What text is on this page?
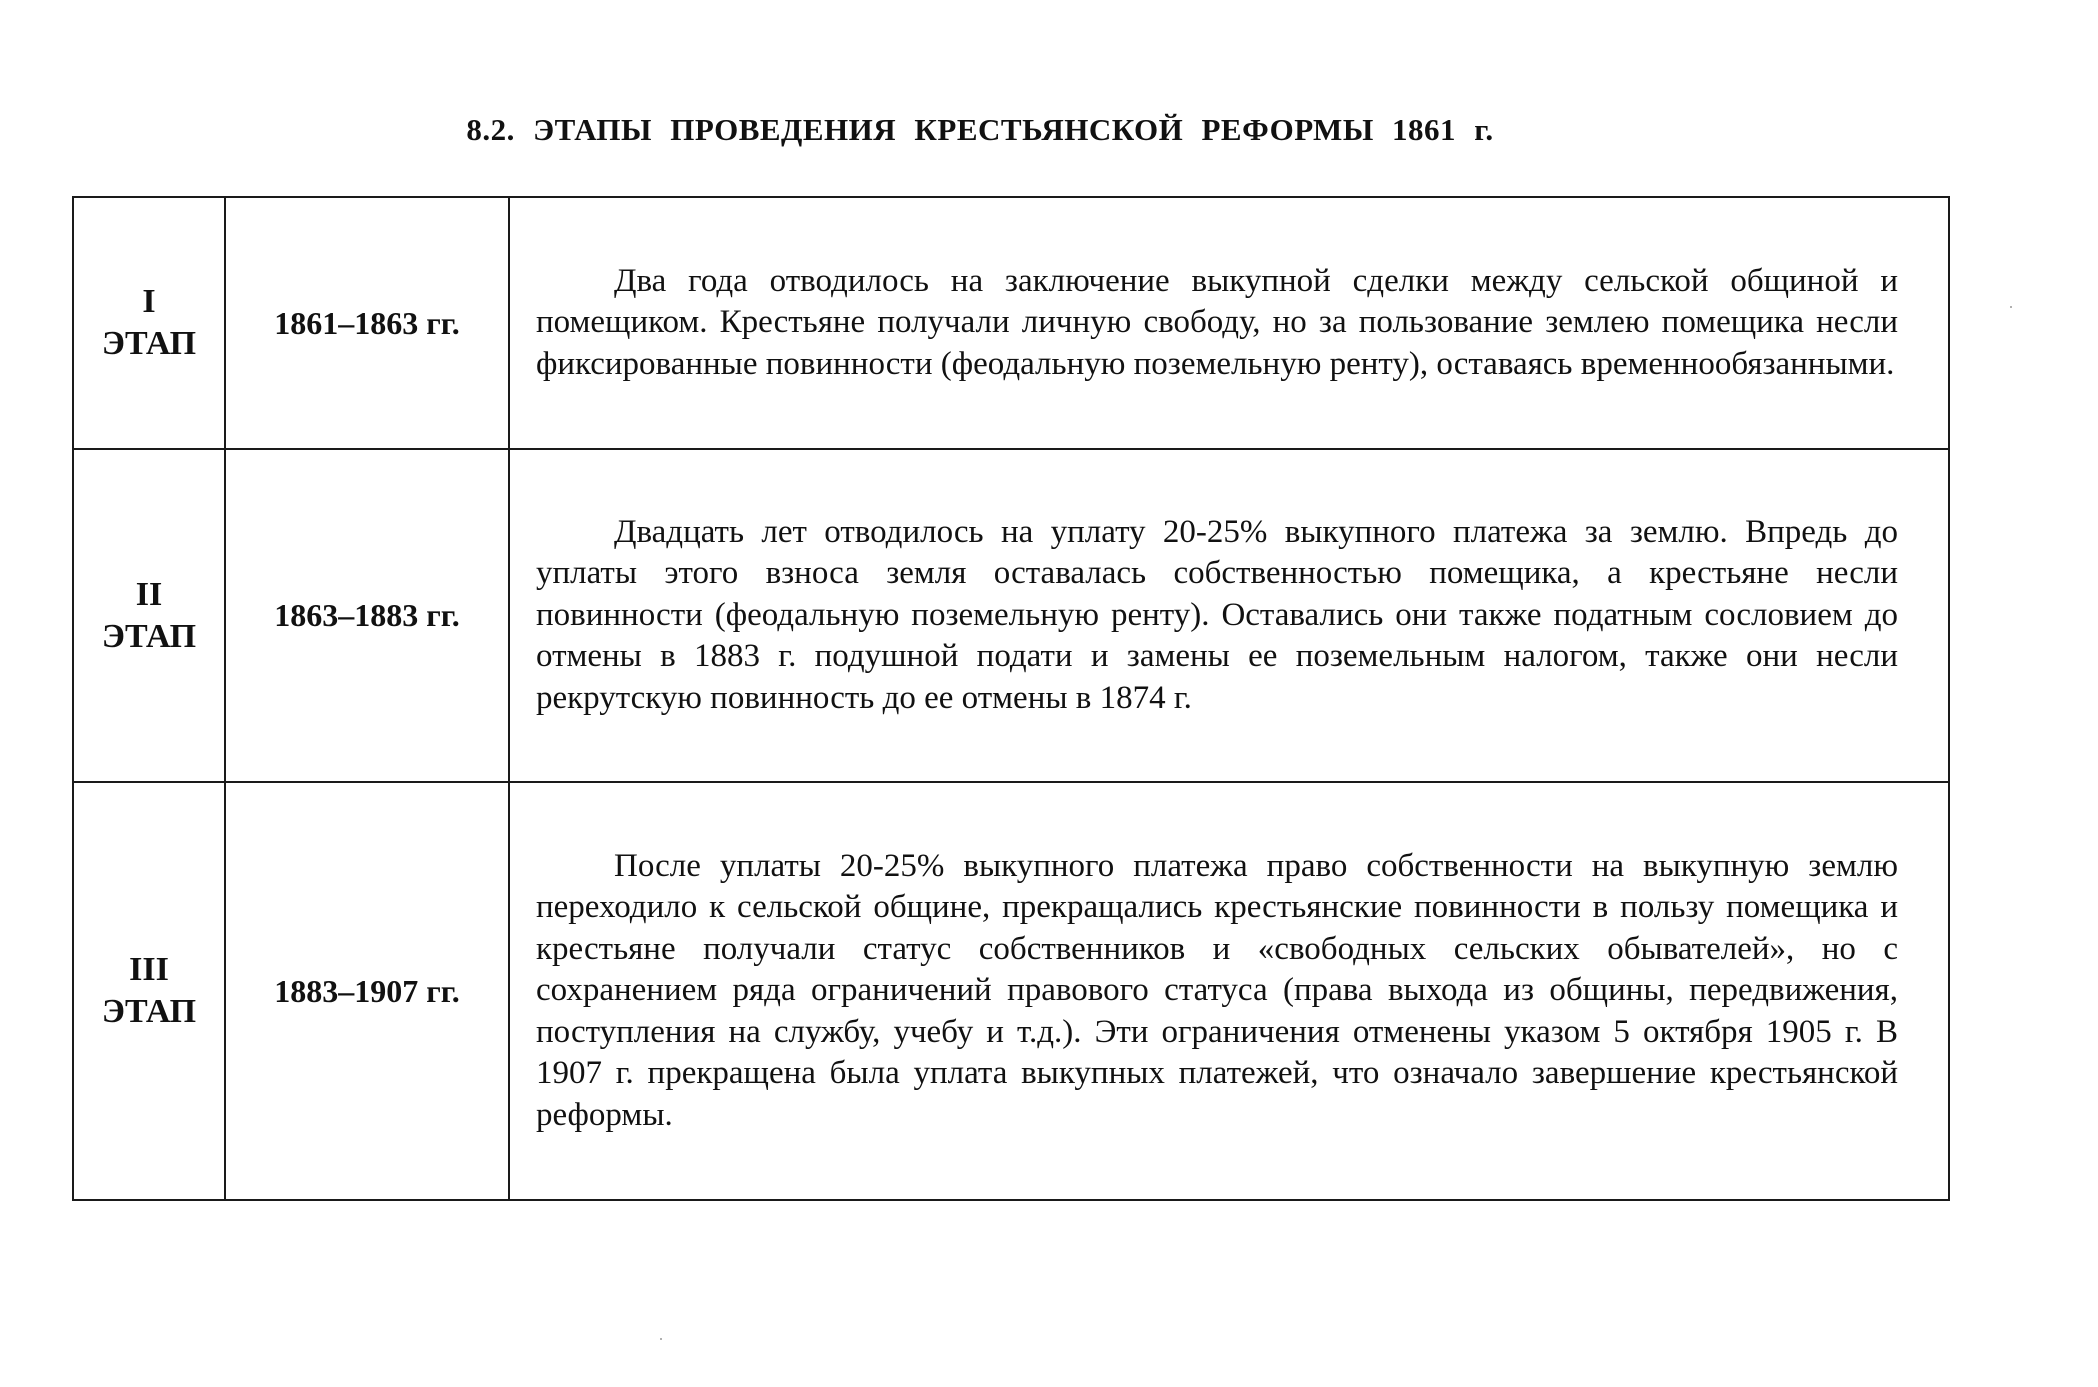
8.2. ЭТАПЫ ПРОВЕДЕНИЯ КРЕСТЬЯНСКОЙ РЕФОРМЫ 1861 г.
I
ЭТАП	1861–1863 гг.	Два года отводилось на заключение выкупной сделки между сельской общиной и помещиком. Крестьяне получали личную свободу, но за пользование землею помещика несли фиксированные повинности (феодальную поземельную ренту), оставаясь временнообязанными.

II
ЭТАП	1863–1883 гг.	Двадцать лет отводилось на уплату 20-25% выкупного платежа за землю. Впредь до уплаты этого взноса земля оставалась собственностью помещика, а крестьяне несли повинности (феодальную поземельную ренту). Оставались они также податным сословием до отмены в 1883 г. подушной подати и замены ее поземельным налогом, также они несли рекрутскую повинность до ее отмены в 1874 г.

III
ЭТАП	1883–1907 гг.	После уплаты 20-25% выкупного платежа право собственности на выкупную землю переходило к сельской общине, прекращались крестьянские повинности в пользу помещика и крестьяне получали статус собственников и «свободных сельских обывателей», но с сохранением ряда ограничений правового статуса (права выхода из общины, передвижения, поступления на службу, учебу и т.д.). Эти ограничения отменены указом 5 октября 1905 г. В 1907 г. прекращена была уплата выкупных платежей, что означало завершение крестьянской реформы.
